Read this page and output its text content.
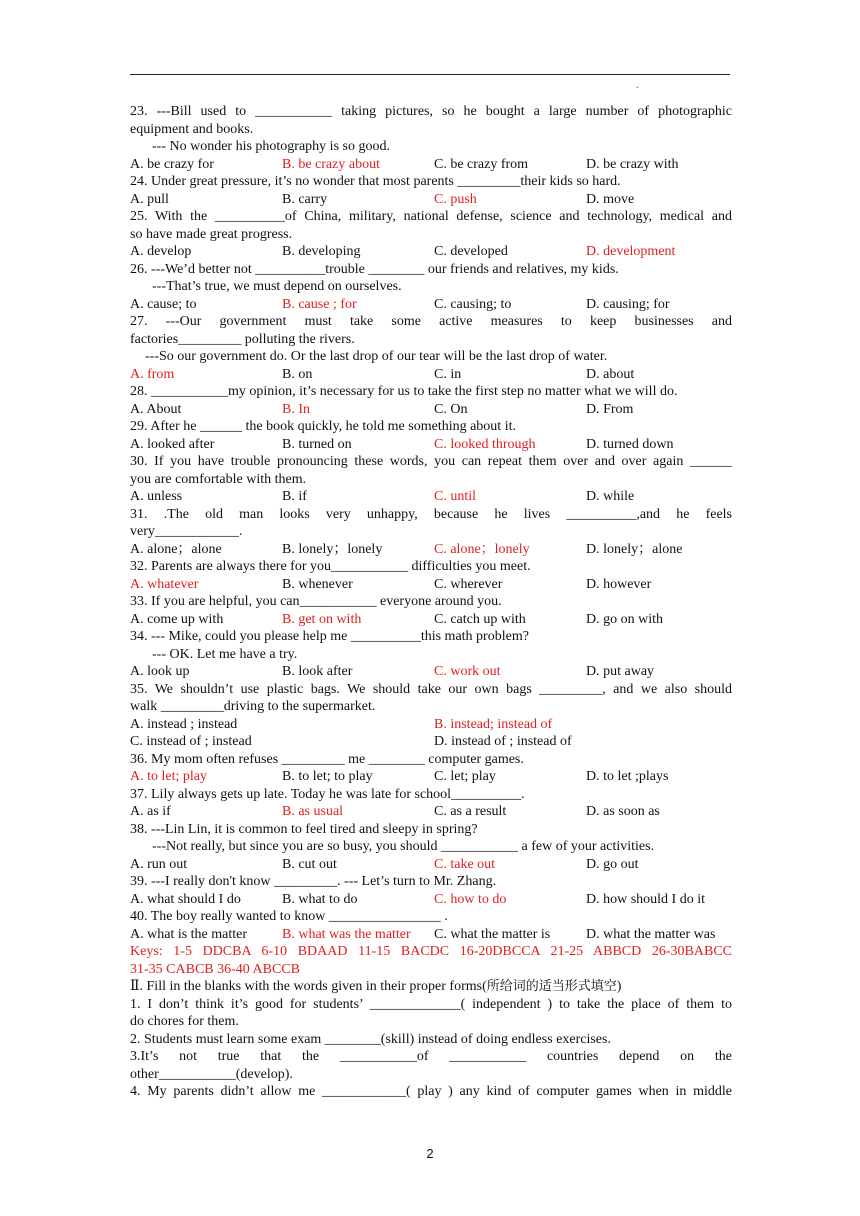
.
23. ---Bill used to ___________ taking pictures, so he bought a large number of photographic
equipment and books.
--- No wonder his photography is so good.
A. be crazy for	B. be crazy about	C. be crazy from	D. be crazy with
24. Under great pressure, it’s no wonder that most parents _________their kids so hard.
A. pull	B. carry	C. push	D. move
25. With the __________of China, military, national defense, science and technology, medical and
so have made great progress.
A. develop	B. developing	C. developed	D. development
26. ---We’d better not __________trouble ________ our friends and relatives, my kids.
---That’s true, we must depend on ourselves.
A. cause; to	B. cause ; for	C. causing; to	D. causing; for
27. ---Our government must take some active measures to keep businesses and
factories_________ polluting the rivers.
---So our government do. Or the last drop of our tear will be the last drop of water.
A. from	B. on	C. in	D. about
28. ___________my opinion, it’s necessary for us to take the first step no matter what we will do.
A. About	B. In	C. On	D. From
29. After he ______ the book quickly, he told me something about it.
A. looked after	B. turned on	C. looked through	D. turned down
30. If you have trouble pronouncing these words, you can repeat them over and over again ______
you are comfortable with them.
A. unless	B. if	C. until	D. while
31. .The old man looks very unhappy, because he lives __________,and he feels
very____________.
A. alone；alone	B. lonely；lonely	C. alone；lonely	D. lonely；alone
32. Parents are always there for you___________ difficulties you meet.
A. whatever	B. whenever	C. wherever	D. however
33. If you are helpful, you can___________ everyone around you.
A. come up with	B. get on with	C. catch up with	D. go on with
34. --- Mike, could you please help me __________this math problem?
--- OK. Let me have a try.
A. look up	B. look after	C. work out	D. put away
35. We shouldn’t use plastic bags. We should take our own bags _________, and we also should
walk _________driving to the supermarket.
A. instead ; instead	B. instead; instead of
C. instead of ; instead	D. instead of ; instead of
36. My mom often refuses _________ me ________ computer games.
A. to let; play	B. to let; to play	C. let; play	D. to let ;plays
37. Lily always gets up late. Today he was late for school__________.
A. as if	B. as usual	C. as a result	D. as soon as
38. ---Lin Lin, it is common to feel tired and sleepy in spring?
---Not really, but since you are so busy, you should ___________ a few of your activities.
A. run out	B. cut out	C. take out	D. go out
39. ---I really don't know _________. --- Let’s turn to Mr. Zhang.
A. what should I do	B. what to do	C. how to do	D. how should I do it
40. The boy really wanted to know ________________ .
A. what is the matter	B. what was the matter	C. what the matter is	D. what the matter was
Keys: 1-5 DDCBA 6-10 BDAAD 11-15 BACDC 16-20DBCCA 21-25 ABBCD 26-30BABCC
31-35 CABCB 36-40 ABCCB
Ⅱ. Fill in the blanks with the words given in their proper forms(所给词的适当形式填空)
1. I don’t think it’s good for students’ _____________( independent ) to take the place of them to
do chores for them.
2. Students must learn some exam ________(skill) instead of doing endless exercises.
3.It’s not true that the ___________of ___________ countries depend on the
other___________(develop).
4. My parents didn’t allow me ____________( play ) any kind of computer games when in middle
2
